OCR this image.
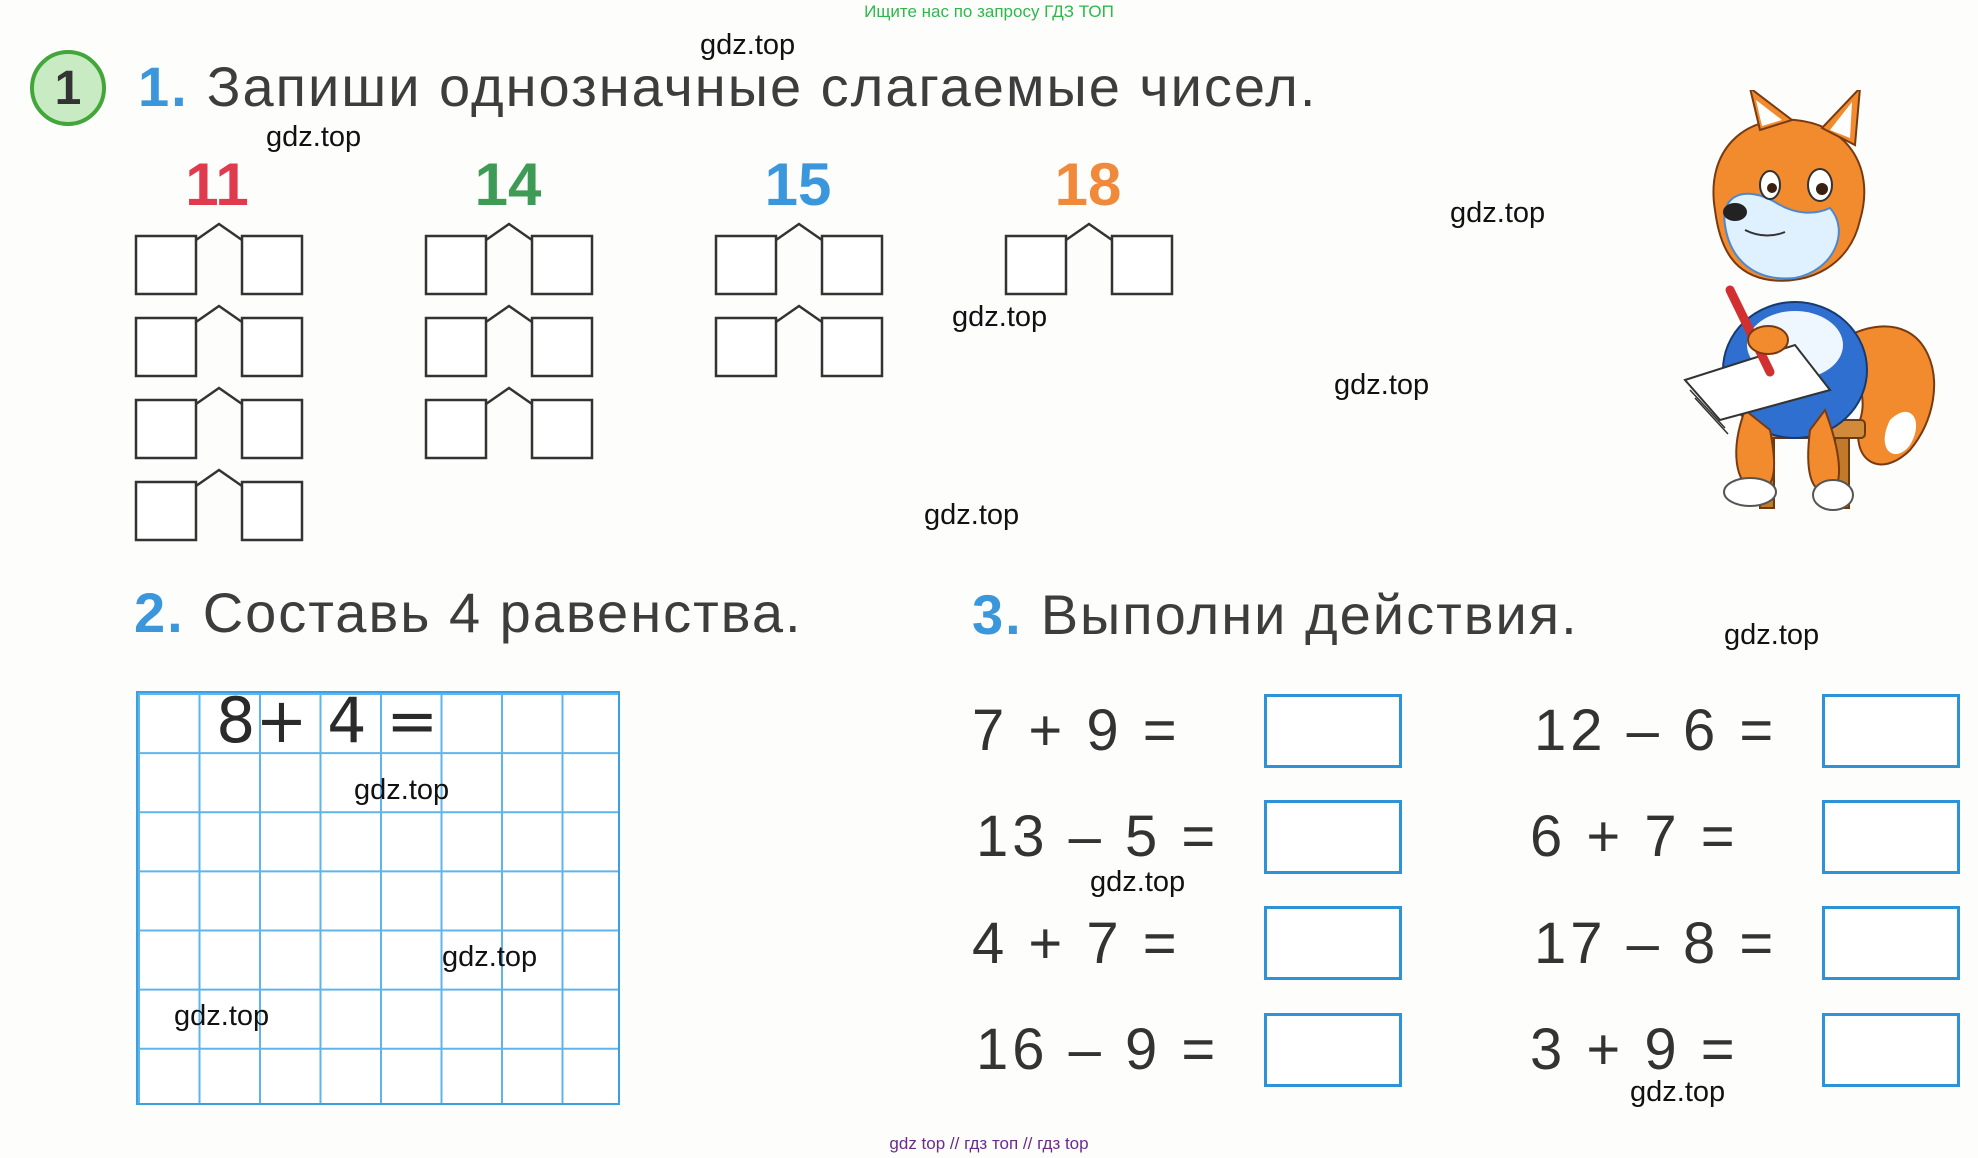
Ищите нас по запросу ГДЗ ТОП
gdz top // гдз топ // гдз top
1	1. Запиши однозначные слагаемые чисел.
11	14	15	18
2. Составь 4 равенства.
8+ 4 =
3. Выполни действия.
7 + 9 =
13 – 5 =
4 + 7 =
16 – 9 =
12 – 6 =
6 + 7 =
17 – 8 =
3 + 9 =
gdz.top
gdz.top
gdz.top
gdz.top
gdz.top
gdz.top
gdz.top
gdz.top
gdz.top
gdz.top
gdz.top
gdz.top
